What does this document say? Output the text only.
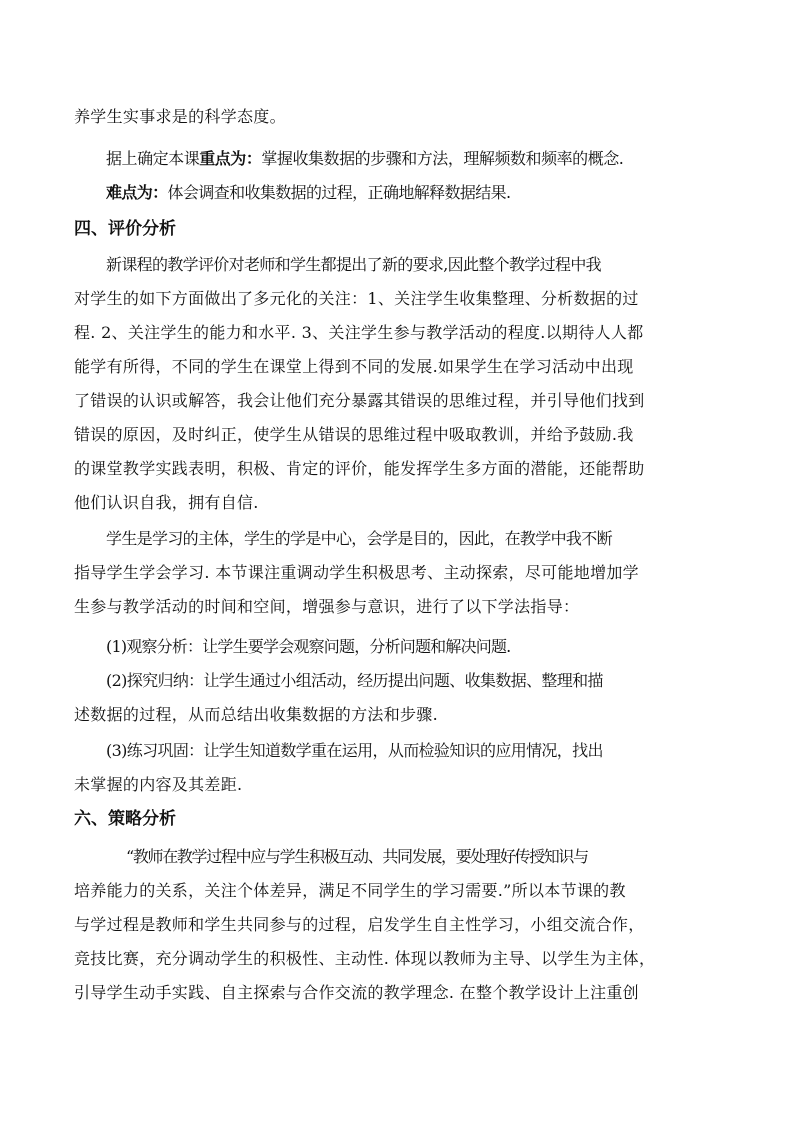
养学生实事求是的科学态度。
据上确定本课重点为：掌握收集数据的步骤和方法，理解频数和频率的概念.
难点为：体会调查和收集数据的过程，正确地解释数据结果.
四、评价分析
新课程的教学评价对老师和学生都提出了新的要求,因此整个教学过程中我
对学生的如下方面做出了多元化的关注：1、关注学生收集整理、分析数据的过
程. 2、关注学生的能力和水平. 3、关注学生参与教学活动的程度.以期待人人都
能学有所得，不同的学生在课堂上得到不同的发展.如果学生在学习活动中出现
了错误的认识或解答，我会让他们充分暴露其错误的思维过程，并引导他们找到
错误的原因，及时纠正，使学生从错误的思维过程中吸取教训，并给予鼓励.我
的课堂教学实践表明，积极、肯定的评价，能发挥学生多方面的潜能，还能帮助
他们认识自我，拥有自信.
学生是学习的主体，学生的学是中心，会学是目的，因此，在教学中我不断
指导学生学会学习. 本节课注重调动学生积极思考、主动探索，尽可能地增加学
生参与教学活动的时间和空间，增强参与意识，进行了以下学法指导：
(1)观察分析：让学生要学会观察问题，分析问题和解决问题.
(2)探究归纳：让学生通过小组活动，经历提出问题、收集数据、整理和描
述数据的过程，从而总结出收集数据的方法和步骤.
(3)练习巩固：让学生知道数学重在运用，从而检验知识的应用情况，找出
未掌握的内容及其差距.
六、策略分析
“教师在教学过程中应与学生积极互动、共同发展，要处理好传授知识与
培养能力的关系，关注个体差异，满足不同学生的学习需要.”所以本节课的教
与学过程是教师和学生共同参与的过程，启发学生自主性学习，小组交流合作，
竞技比赛，充分调动学生的积极性、主动性. 体现以教师为主导、以学生为主体，
引导学生动手实践、自主探索与合作交流的教学理念. 在整个教学设计上注重创
